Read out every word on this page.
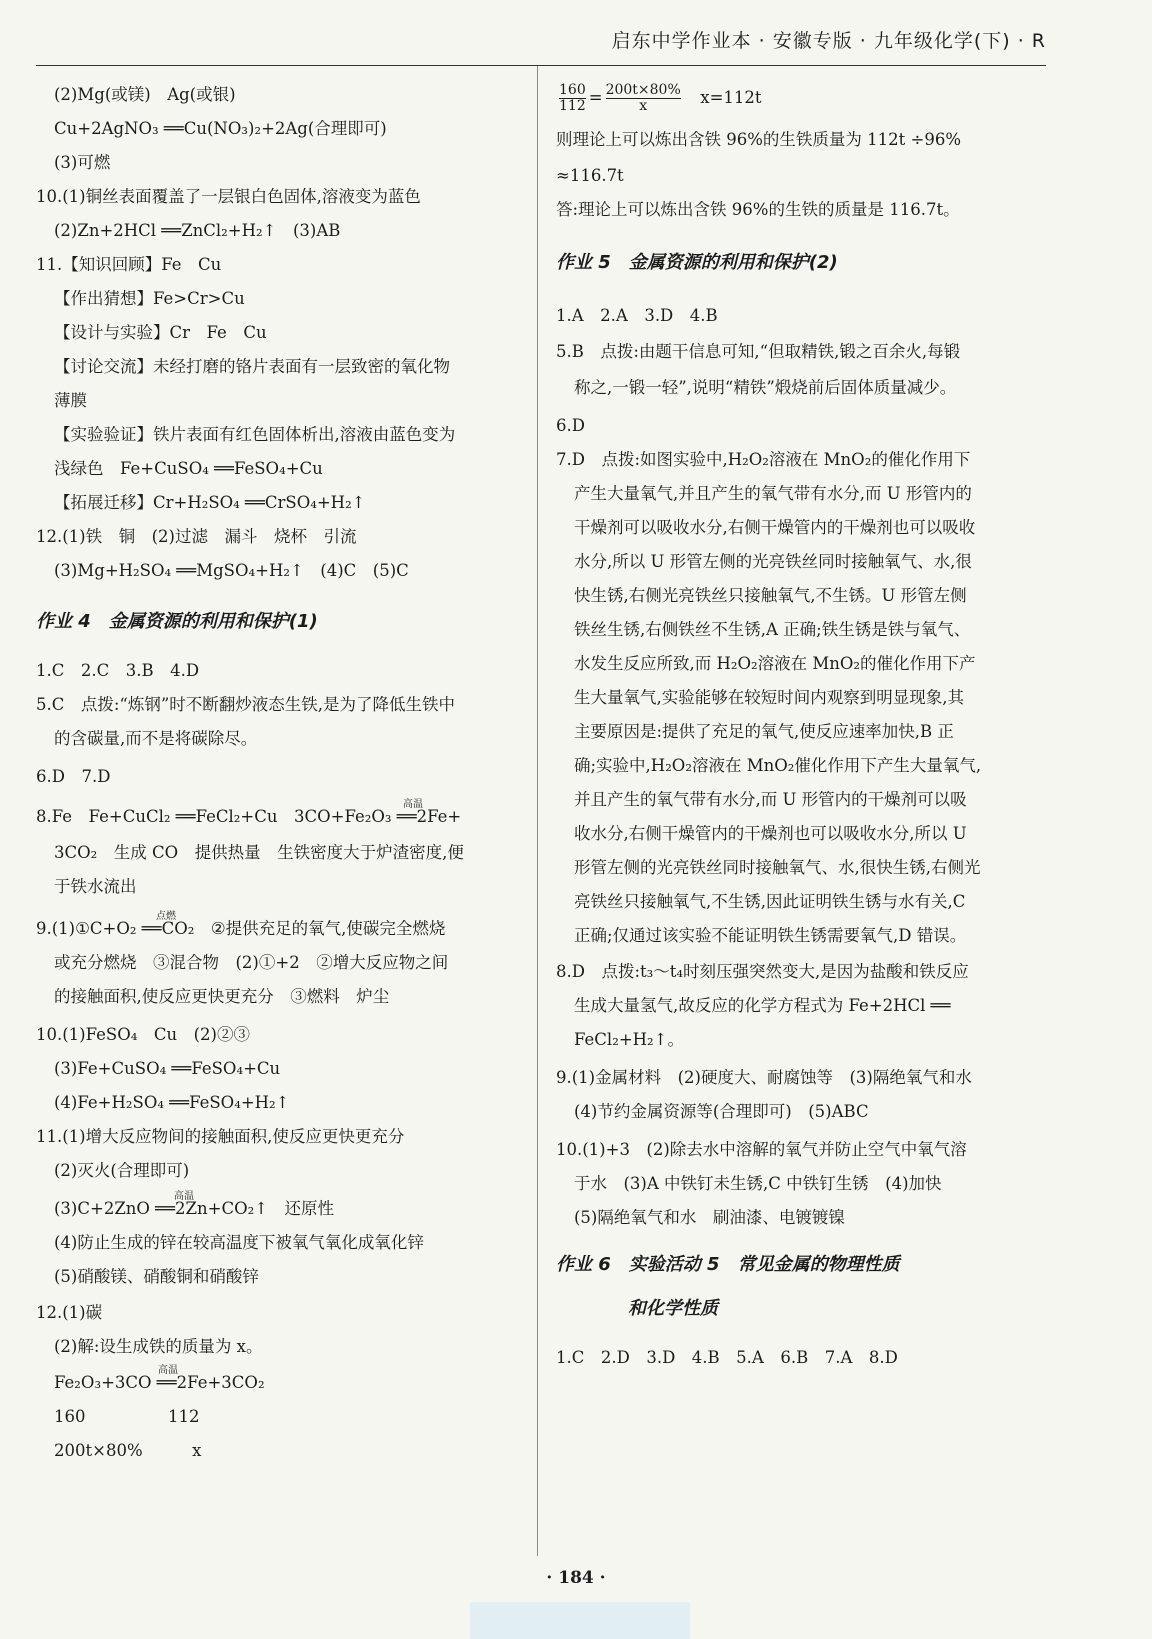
启东中学作业本 · 安徽专版 · 九年级化学(下) · R
(2)Mg(或镁)　Ag(或银)
Cu+2AgNO₃ ══Cu(NO₃)₂+2Ag(合理即可)
(3)可燃
10.(1)铜丝表面覆盖了一层银白色固体,溶液变为蓝色
(2)Zn+2HCl ══ZnCl₂+H₂↑　(3)AB
11.【知识回顾】Fe　Cu
【作出猜想】Fe>Cr>Cu
【设计与实验】Cr　Fe　Cu
【讨论交流】未经打磨的铬片表面有一层致密的氧化物
薄膜
【实验验证】铁片表面有红色固体析出,溶液由蓝色变为
浅绿色　Fe+CuSO₄ ══FeSO₄+Cu
【拓展迁移】Cr+H₂SO₄ ══CrSO₄+H₂↑
12.(1)铁　铜　(2)过滤　漏斗　烧杯　引流
(3)Mg+H₂SO₄ ══MgSO₄+H₂↑　(4)C　(5)C
作业 4　金属资源的利用和保护(1)
1.C　2.C　3.B　4.D
5.C　点拨:“炼钢”时不断翻炒液态生铁,是为了降低生铁中
的含碳量,而不是将碳除尽。
6.D　7.D
8.Fe　Fe+CuCl₂ ══FeCl₂+Cu　3CO+Fe₂O₃ ══2Fe+
高温
3CO₂　生成 CO　提供热量　生铁密度大于炉渣密度,便
于铁水流出
9.(1)①C+O₂ ══CO₂　②提供充足的氧气,使碳完全燃烧
点燃
或充分燃烧　③混合物　(2)①+2　②增大反应物之间
的接触面积,使反应更快更充分　③燃料　炉尘
10.(1)FeSO₄　Cu　(2)②③
(3)Fe+CuSO₄ ══FeSO₄+Cu
(4)Fe+H₂SO₄ ══FeSO₄+H₂↑
11.(1)增大反应物间的接触面积,使反应更快更充分
(2)灭火(合理即可)
(3)C+2ZnO ══2Zn+CO₂↑　还原性
高温
(4)防止生成的锌在较高温度下被氧气氧化成氧化锌
(5)硝酸镁、硝酸铜和硝酸锌
12.(1)碳
(2)解:设生成铁的质量为 x。
Fe₂O₃+3CO ══2Fe+3CO₂
高温
160　　　　　112
200t×80%　　　x
$\frac{160}{112} = \frac{200t\times 80\%}{x}$
　 x=112t
则理论上可以炼出含铁 96%的生铁质量为 112t ÷96%
≈116.7t
答:理论上可以炼出含铁 96%的生铁的质量是 116.7t。
作业 5　金属资源的利用和保护(2)
1.A　2.A　3.D　4.B
5.B　点拨:由题干信息可知,“但取精铁,锻之百余火,每锻
称之,一锻一轻”,说明“精铁”煅烧前后固体质量减少。
6.D
7.D　点拨:如图实验中,H₂O₂溶液在 MnO₂的催化作用下
产生大量氧气,并且产生的氧气带有水分,而 U 形管内的
干燥剂可以吸收水分,右侧干燥管内的干燥剂也可以吸收
水分,所以 U 形管左侧的光亮铁丝同时接触氧气、水,很
快生锈,右侧光亮铁丝只接触氧气,不生锈。U 形管左侧
铁丝生锈,右侧铁丝不生锈,A 正确;铁生锈是铁与氧气、
水发生反应所致,而 H₂O₂溶液在 MnO₂的催化作用下产
生大量氧气,实验能够在较短时间内观察到明显现象,其
主要原因是:提供了充足的氧气,使反应速率加快,B 正
确;实验中,H₂O₂溶液在 MnO₂催化作用下产生大量氧气,
并且产生的氧气带有水分,而 U 形管内的干燥剂可以吸
收水分,右侧干燥管内的干燥剂也可以吸收水分,所以 U
形管左侧的光亮铁丝同时接触氧气、水,很快生锈,右侧光
亮铁丝只接触氧气,不生锈,因此证明铁生锈与水有关,C
正确;仅通过该实验不能证明铁生锈需要氧气,D 错误。
8.D　点拨:t₃～t₄时刻压强突然变大,是因为盐酸和铁反应
生成大量氢气,故反应的化学方程式为 Fe+2HCl ══
FeCl₂+H₂↑。
9.(1)金属材料　(2)硬度大、耐腐蚀等　(3)隔绝氧气和水
(4)节约金属资源等(合理即可)　(5)ABC
10.(1)+3　(2)除去水中溶解的氧气并防止空气中氧气溶
于水　(3)A 中铁钉未生锈,C 中铁钉生锈　(4)加快
(5)隔绝氧气和水　刷油漆、电镀镀镍
作业 6　实验活动 5　常见金属的物理性质
和化学性质
1.C　2.D　3.D　4.B　5.A　6.B　7.A　8.D
· 184 ·
